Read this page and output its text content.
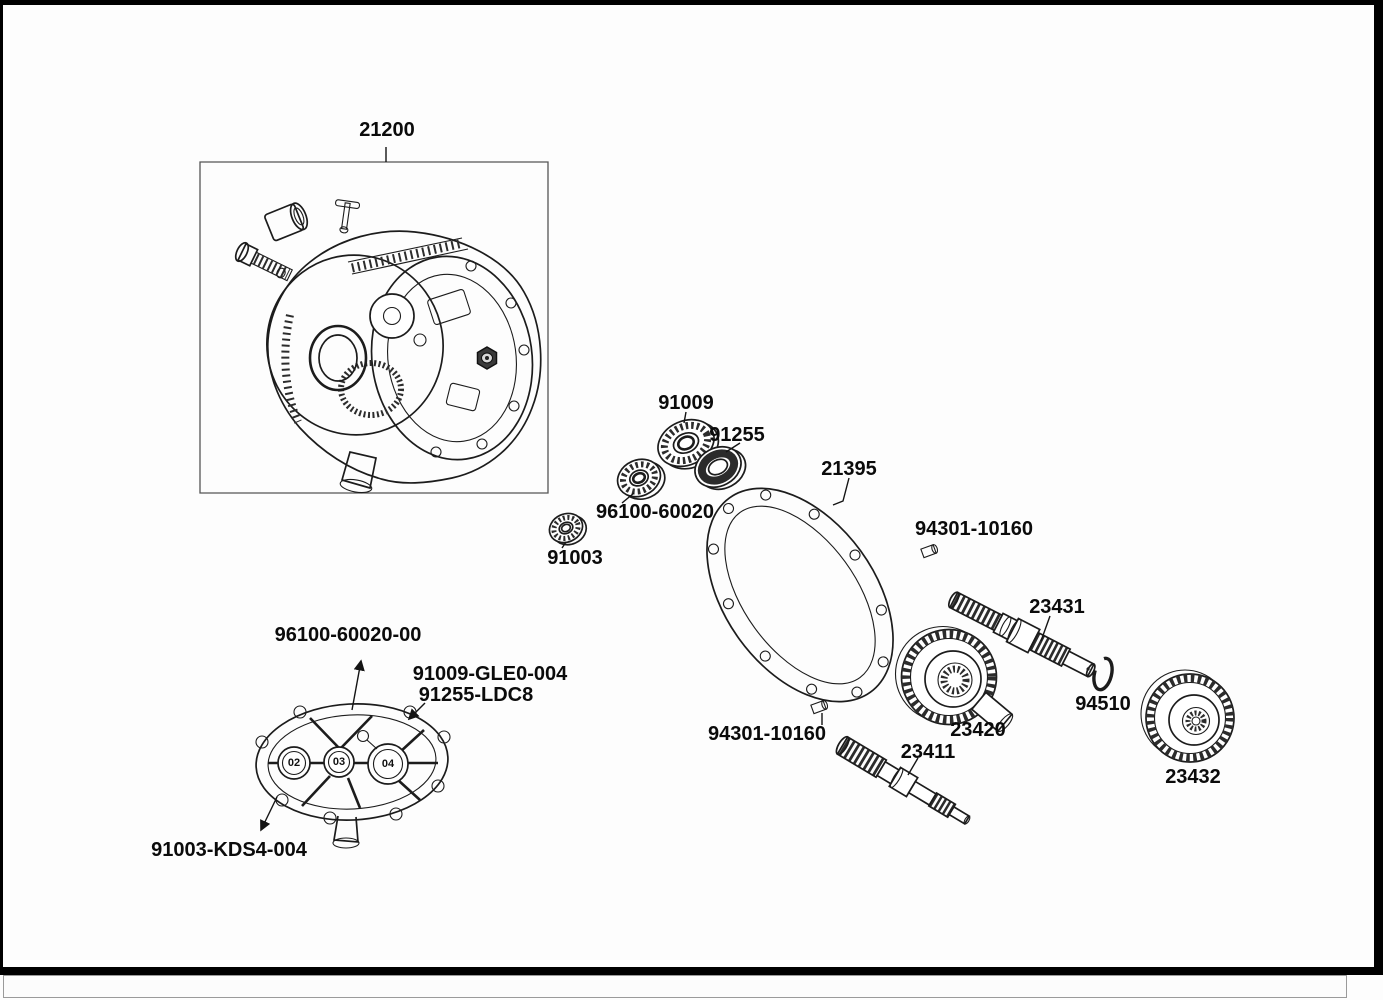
21200
91009
91255
96100-60020
91003
21395
94301-10160
23431
94510
23420
23411
94301-10160
23432
96100-60020-00
91009-GLE0-004
91255-LDC8
91003-KDS4-004
02	03	04
